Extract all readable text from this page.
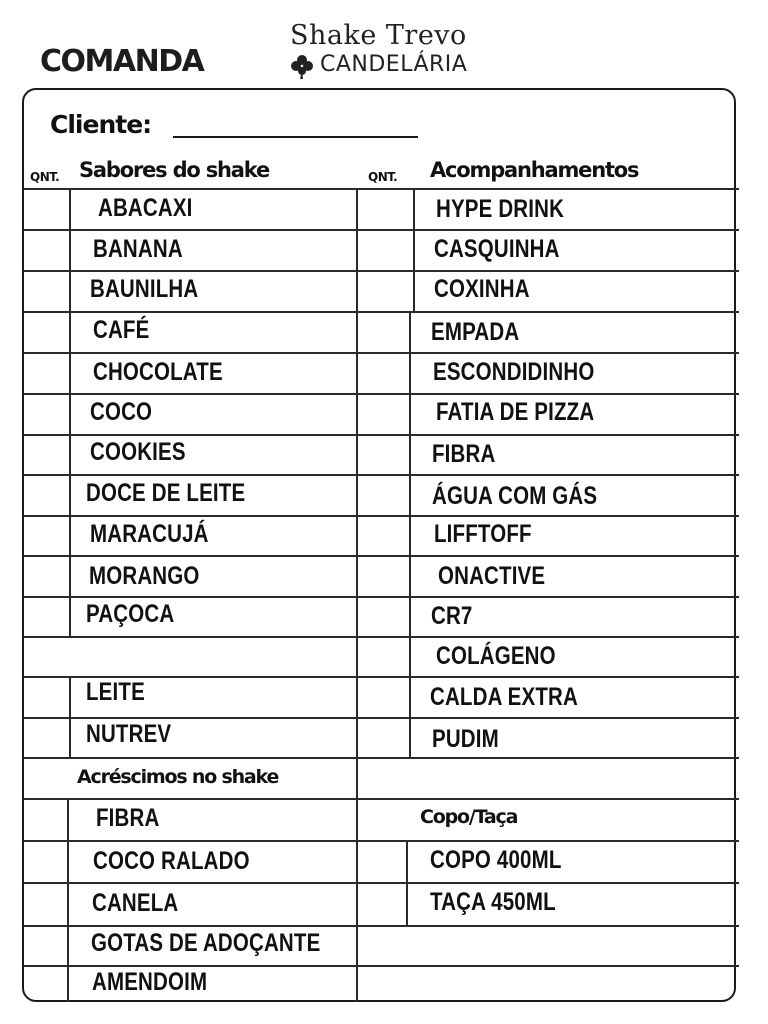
COMANDA
Shake Trevo
CANDELÁRIA
Cliente:
QNT. Sabores do shake	QNT. Acompanhamentos
ABACAXI
BANANA
BAUNILHA
CAFÉ
CHOCOLATE
COCO
COOKIES
DOCE DE LEITE
MARACUJÁ
MORANGO
PAÇOCA
LEITE
NUTREV
HYPE DRINK
CASQUINHA
COXINHA
EMPADA
ESCONDIDINHO
FATIA DE PIZZA
FIBRA
ÁGUA COM GÁS
LIFFTOFF
ONACTIVE
CR7
COLÁGENO
CALDA EXTRA
PUDIM
FIBRA
COCO RALADO
CANELA
GOTAS DE ADOÇANTE
AMENDOIM
COPO 400ML
TAÇA 450ML
Acréscimos no shake
Copo/Taça
